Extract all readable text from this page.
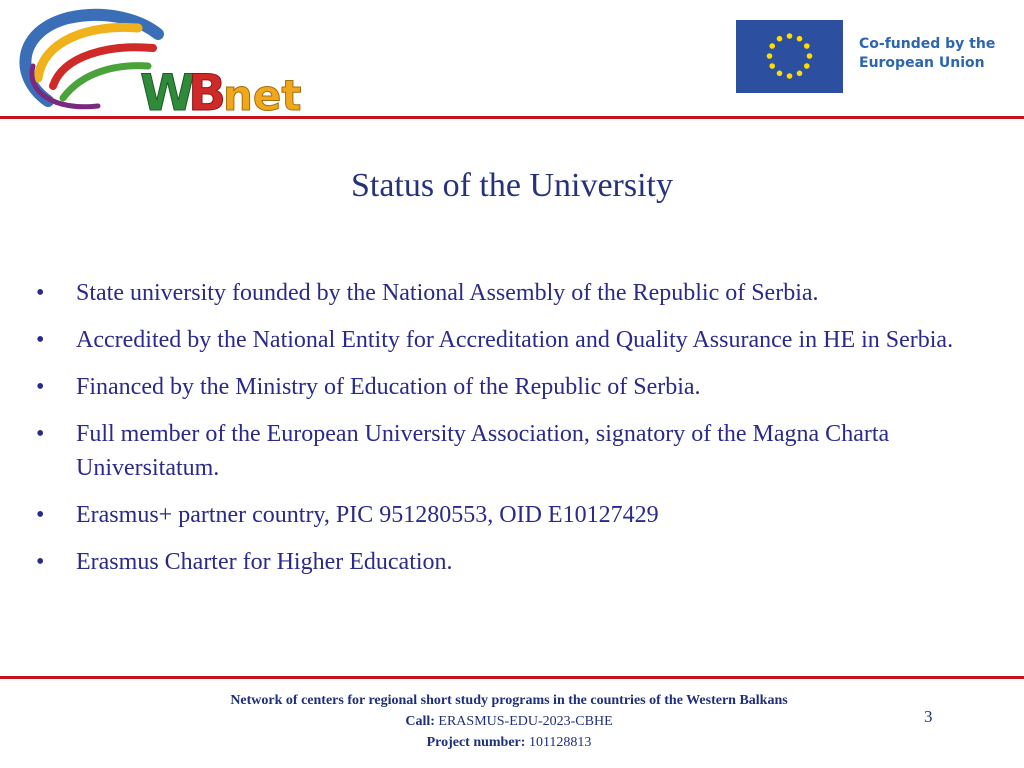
W
B
net
Co-funded by the
European Union
Status of the University
•	State university founded by the National Assembly of the Republic of Serbia.
•	Accredited by the National Entity for Accreditation and Quality Assurance in HE in Serbia.
•	Financed by the Ministry of Education of the Republic of Serbia.
•	Full member of the European University Association, signatory of the Magna Charta Universitatum.
•	Erasmus+ partner country, PIC 951280553, OID E10127429
•	Erasmus Charter for Higher Education.
Network of centers for regional short study programs in the countries of the Western Balkans
Call: ERASMUS-EDU-2023-CBHE
Project number: 101128813
3
